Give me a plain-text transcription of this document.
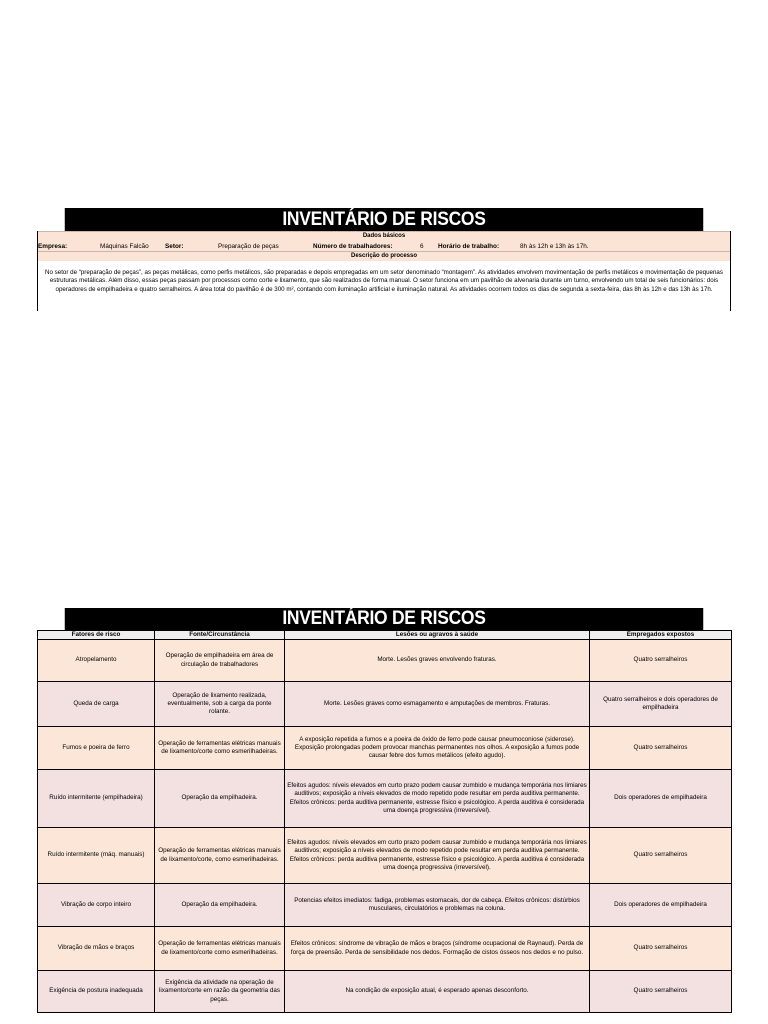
INVENTÁRIO DE RISCOS
Dados básicos
Empresa:	Máquinas Falcão	Setor:	Preparação de peças	Número de trabalhadores:	6	Horário de trabalho:	8h às 12h e 13h às 17h.
Descrição do processo
No setor de “preparação de peças”, as peças metálicas, como perfis metálicos, são preparadas e depois empregadas em um setor denominado “montagem”. As atividades envolvem movimentação de perfis metálicos e movimentação de pequenas estruturas metálicas. Além disso, essas peças passam por processos como corte e lixamento, que são realizados de forma manual. O setor funciona em um pavilhão de alvenaria durante um turno, envolvendo um total de seis funcionários: dois operadores de empilhadeira e quatro serralheiros. A área total do pavilhão é de 300 m², contando com iluminação artificial e iluminação natural. As atividades ocorrem todos os dias de segunda a sexta-feira, das 8h às 12h e das 13h às 17h.
INVENTÁRIO DE RISCOS
Fatores de risco	Fonte/Circunstância	Lesões ou agravos à saúde	Empregados expostos
Atropelamento	Operação de empilhadeira em área de circulação de trabalhadores	Morte. Lesões graves envolvendo fraturas.	Quatro serralheiros
Queda de carga	Operação de lixamento realizada, eventualmente, sob a carga da ponte rolante.	Morte. Lesões graves como esmagamento e amputações de membros. Fraturas.	Quatro serralheiros e dois operadores de empilhadeira
Fumos e poeira de ferro	Operação de ferramentas elétricas manuais de lixamento/corte como esmerilhadeiras.	A exposição repetida a fumos e a poeira de óxido de ferro pode causar pneumoconiose (siderose). Exposição prolongadas podem provocar manchas permanentes nos olhos. A exposição a fumos pode causar febre dos fumos metálicos (efeito agudo).	Quatro serralheiros
Ruído intermitente (empilhadeira)	Operação da empilhadeira.	Efeitos agudos: níveis elevados em curto prazo podem causar zumbido e mudança temporária nos limiares auditivos; exposição a níveis elevados de modo repetido pode resultar em perda auditiva permanente. Efeitos crônicos: perda auditiva permanente, estresse físico e psicológico. A perda auditiva é considerada uma doença progressiva (irreversível).	Dois operadores de empilhadeira
Ruído intermitente (máq. manuais)	Operação de ferramentas elétricas manuais de lixamento/corte, como esmerilhadeiras.	Efeitos agudos: níveis elevados em curto prazo podem causar zumbido e mudança temporária nos limiares auditivos; exposição a níveis elevados de modo repetido pode resultar em perda auditiva permanente. Efeitos crônicos: perda auditiva permanente, estresse físico e psicológico. A perda auditiva é considerada uma doença progressiva (irreversível).	Quatro serralheiros
Vibração de corpo inteiro	Operação da empilhadeira.	Potencias efeitos imediatos: fadiga, problemas estomacais, dor de cabeça. Efeitos crônicos: distúrbios musculares, circulatórios e problemas na coluna.	Dois operadores de empilhadeira
Vibração de mãos e braços	Operação de ferramentas elétricas manuais de lixamento/corte como esmerilhadeiras.	Efeitos crônicos: síndrome de vibração de mãos e braços (síndrome ocupacional de Raynaud). Perda de força de preensão. Perda de sensibilidade nos dedos. Formação de cistos ósseos nos dedos e no pulso.	Quatro serralheiros
Exigência de postura inadequada	Exigência da atividade na operação de lixamento/corte em razão da geometria das peças.	Na condição de exposição atual, é esperado apenas desconforto.	Quatro serralheiros
